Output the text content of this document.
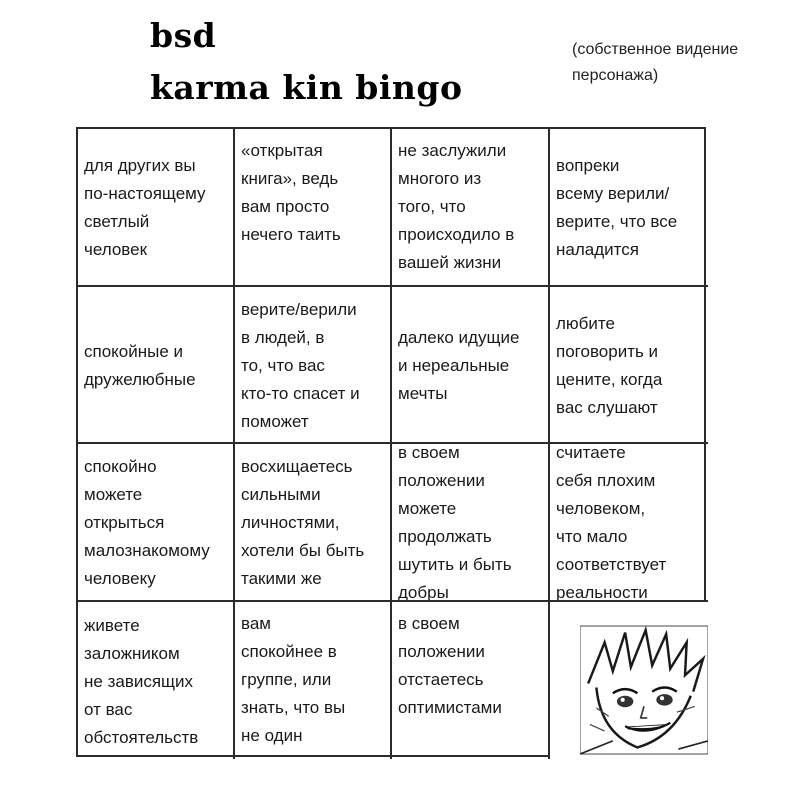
bsd
karma kin bingo
(собственное видение
персонажа)
для других вы
по-настоящему
светлый
человек
«открытая
книга», ведь
вам просто
нечего таить
не заслужили
многого из
того, что
происходило в
вашей жизни
вопреки
всему верили/
верите, что все
наладится
спокойные и
дружелюбные
верите/верили
в людей, в
то, что вас
кто-то спасет и
поможет
далеко идущие
и нереальные
мечты
любите
поговорить и
цените, когда
вас слушают
спокойно
можете
открыться
малознакомому
человеку
восхищаетесь
сильными
личностями,
хотели бы быть
такими же
в своем
положении
можете
продолжать
шутить и быть
добры
считаете
себя плохим
человеком,
что мало
соответствует
реальности
живете
заложником
не зависящих
от вас
обстоятельств
вам
спокойнее в
группе, или
знать, что вы
не один
в своем
положении
отстаетесь
оптимистами
